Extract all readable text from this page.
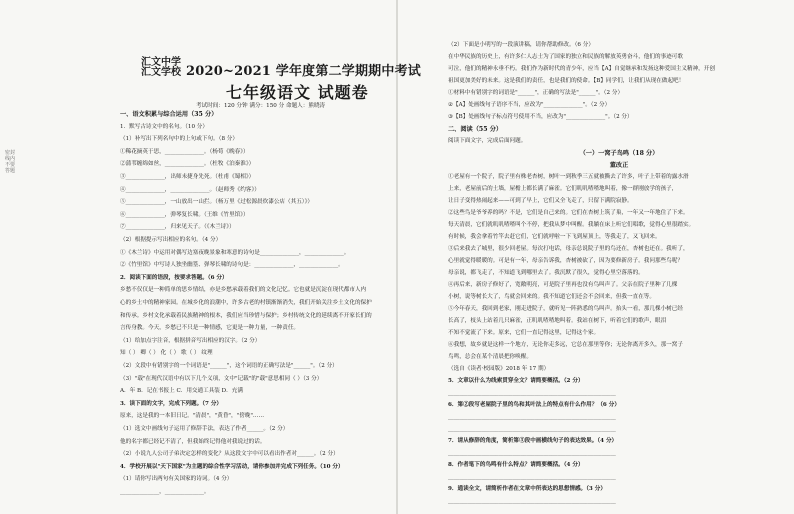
密封线内不要答题
汇文中学
汇文学校 2020~2021 学年度第二学期期中考试
七年级语文 试题卷
考试时间：120 分钟 满分：150 分 命题人：熊晓涛
一、语文积累与综合运用（35 分）
1．默写古诗文中的名句。（10 分）
（1）补写出下列名句中的上句或下句。（8 分）
①稀花摘英于思，______________。（杨荀《晚春》）
②蒲苇缠绵如丝，______________。（杜牧《泊秦淮》）
③______________，出师未捷身先死。（杜甫《蜀相》）
④______________，______________。（赵师秀《约客》）
⑤______________，一山放出一山拦。（杨万里《过松源晨炊漆公店（其五）》）
⑥______________，弹琴复长啸。（王维《竹里馆》）
⑦______________，归来见天子。（《木兰诗》）
（2）根据提示写出相应的名句。（4 分）
①《木兰诗》中运用对偶写边塞夜晚景象和寒意的诗句是______________，______________。
②《竹里馆》中写诗人独坐幽篁、弹琴长啸的诗句是：______________，______________。
2．阅读下面的语段，按要求答题。（6 分）
乡愁不仅仅是一种简单的思乡情结，亦是乡愁承载着我们的文化记忆。它也就是沉淀在现代都市人内
心的乡土中的精神家园。在城乡化的浪潮中，许多古老的村镇渐渐消失，我们开始关注乡土文化的保护
和传承。乡村文化承载着民族精神的根本，我们应当珍惜与保护；乡村传统文化的延续离不开家长们的
言传身教。今天，乡愁已不只是一种情感，它更是一种力量，一种责任。
（1）给加点字注音，根据拼音写出相应的汉字。（2 分）
知（ ） 卿（ ） 化（ ） 歌（ ） 纹理
（2）文段中有错别字的一个词语是"______"，这个词语的正确写法是"______"。（2 分）
（3）"载"在现代汉语中有以下几个义项，文中"记载"的"载"意思相同（ ）（3 分）
A．年 B．记在书报上 C．用交通工具装 D．充满
3．读下面的文字，完成下列题。（7 分）
原来，这是我的一本旧日记。"清晨"，"黄昏"，"傍晚"……
（1）选文中画线句子运用了修辞手法，表达了作者______。（2 分）
他的名字都已经记不清了，但我始终记得他对我说过的话。
（2）小说九人公司子弟决定怎样的变化？从这段文字中可以看出作者对______。（2 分）
4．学校开展以"天下国家"为主题的综合性学习活动，请你参加并完成下列任务。（10 分）
（1）请你写出两句有关国家的诗词。（4 分）
______________，______________。
（2）下面是小明写的一段演讲稿，请你帮助修改。（6 分）
在中华民族的历史上，有许多仁人志士为了国家的独立和民族的解放英勇奋斗，他们的事迹可歌
可泣，他们的精神永垂不朽。我们作为新时代的青少年，应当【A】自觉继承和发扬这种爱国主义精神，开创
祖国更加美好的未来。这是我们的责任，也是我们的使命。【B】同学们，让我们从现在做起吧！
①材料中有错别字的词语是"______"，正确的写法是"______"。（2 分）
②【A】处画线句子语序不当，应改为"______________"。（2 分）
③【B】处画线句子标点符号使用不当，应改为"______________"。（2 分）
二、阅读（55 分）
阅读下面文字，完成后面问题。
（一）一窝子鸟鸣（18 分）
董改正
①老屋有一个院子，院子里有株老杏树，树叶一到秋季三五就被撕去了许多，叶子上带着的露水滑
上来，老屋前后的土墙，屋檐上都长满了麻雀。它们叽叽喳喳地叫着，像一群刚放学的孩子，
让日子变得热闹起来——可到了早上，它们又全飞走了，只留下满院寂静。
②这些鸟是爷爷养的吗？不是，它们是自己来的。它们在杏树上筑了巢，一年又一年地住了下来。
每天清晨，它们就叽叽喳喳叫个不停，把我从梦中叫醒。我躺在床上听它们唱歌，觉得心里很踏实。
有时候，我会拿着竹竿去赶它们，它们就呼啦一下飞到屋顶上，等我走了，又飞回来。
③后来我去了城里，很少回老屋。每次打电话，母亲总说院子里的鸟还在，杏树也还在。我听了，
心里就觉得暖暖的。可是有一年，母亲告诉我，杏树被砍了，因为要修新房子。我问那些鸟呢？
母亲说，都飞走了，不知道飞到哪里去了。我沉默了很久，觉得心里空落落的。
④再后来，新房子修好了，宽敞明亮，可是院子里再也没有鸟叫声了。父亲在院子里种了几棵
小树，说等树长大了，鸟就会回来的。我不知道它们还会不会回来，但我一直在等。
⑤今年春天，我回到老家，刚走进院子，就听见一阵熟悉的鸟叫声。抬头一看，那几棵小树已经
长高了，枝头上站着几只麻雀，正叽叽喳喳地叫着。我站在树下，听着它们的歌声，眼泪
不知不觉流了下来。原来，它们一直记得这里，记得这个家。
⑥我想，故乡就是这样一个地方，无论你走多远，它总在那里等你；无论你离开多久，那一窝子
鸟鸣，总会在某个清晨把你唤醒。
（选自《读者·校园版》2018 年 17 期）
5．文章以什么为线索贯穿全文？请简要概括。（2 分）
____________________________________________________________
6．第②段写老屋院子里的鸟和其叶法上的特点有什么作用？（6 分）
____________________________________________________________
____________________________________________________________
7．请从修辞的角度，简析第③段中画横线句子的表达效果。（4 分）
____________________________________________________________
8．作者笔下的鸟鸣有什么特点？请简要概括。（4 分）
____________________________________________________________
9．通读全文，请简析作者在文章中所表达的思想情感。（3 分）
____________________________________________________________
